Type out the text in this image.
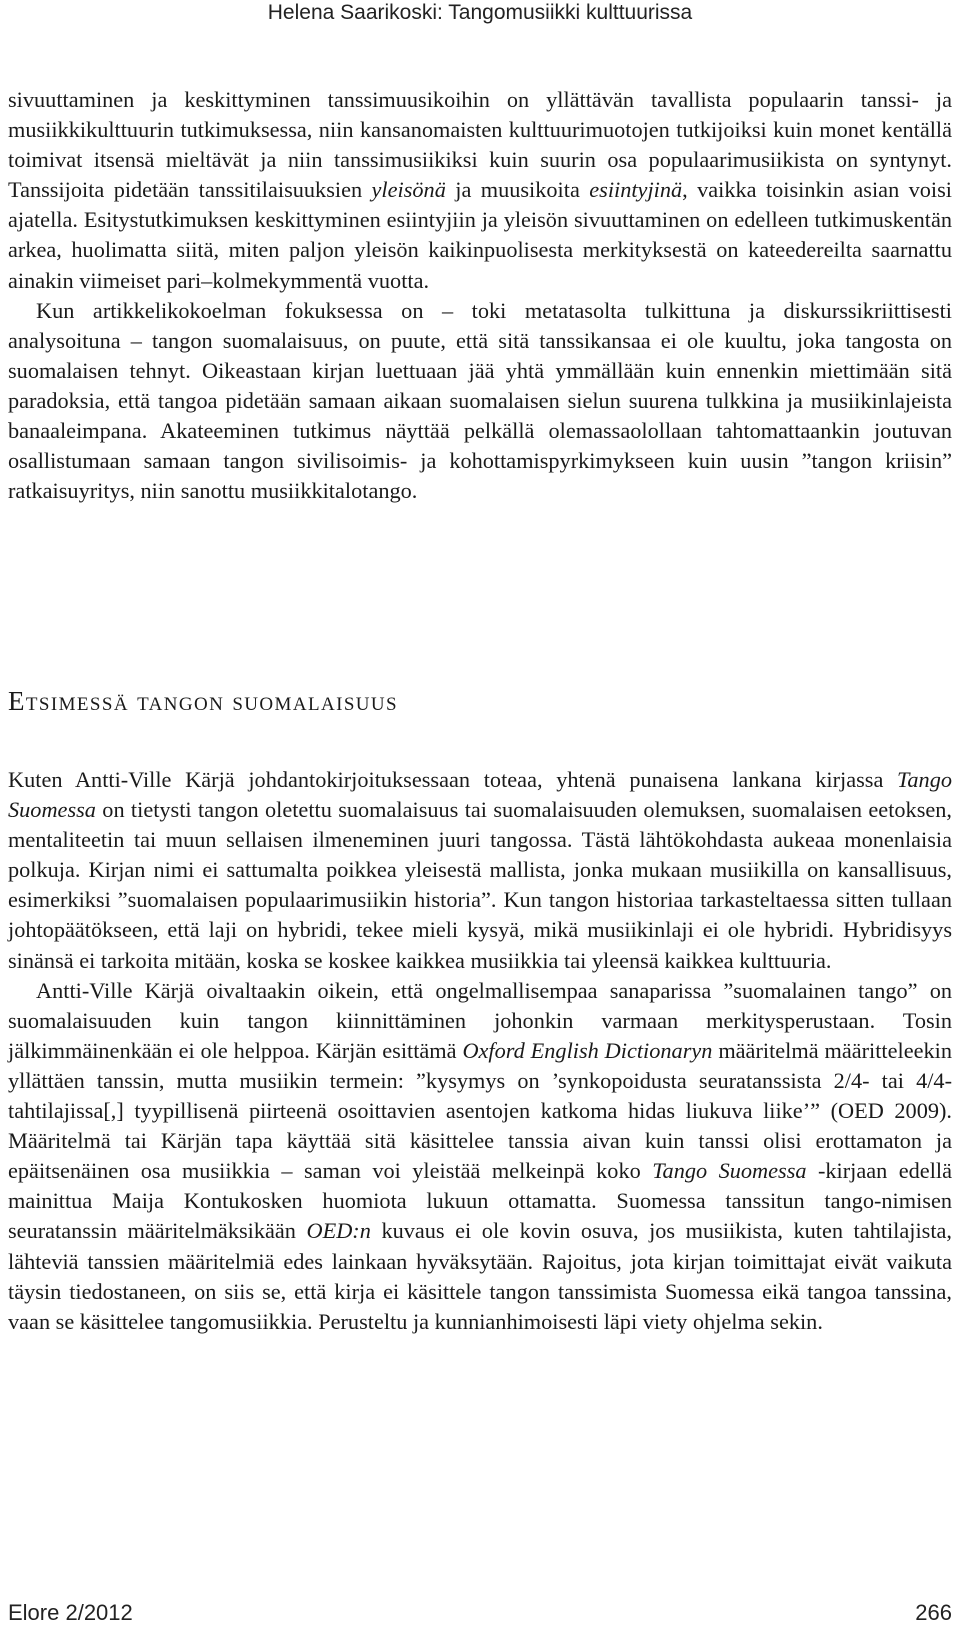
Helena Saarikoski: Tangomusiikki kulttuurissa

sivuuttaminen ja keskittyminen tanssimuusikoihin on yllättävän tavallista populaarin tanssi- ja musiikkikulttuurin tutkimuksessa, niin kansanomaisten kulttuurimuotojen tutkijoiksi kuin monet kentällä toimivat itsensä mieltävät ja niin tanssimusiikiksi kuin suurin osa populaarimusiikista on syntynyt. Tanssijoita pidetään tanssitilaisuuksien yleisönä ja muusikoita esiintyjinä, vaikka toisinkin asian voisi ajatella. Esitystutkimuksen keskittyminen esiintyjiin ja yleisön sivuuttaminen on edelleen tutkimuskentän arkea, huolimatta siitä, miten paljon yleisön kaikinpuolisesta merkityksestä on kateedereilta saarnattu ainakin viimeiset pari–kolmekymmentä vuotta.

Kun artikkelikokoelman fokuksessa on – toki metatasolta tulkittuna ja diskurssikriittisesti analysoituna – tangon suomalaisuus, on puute, että sitä tanssikansaa ei ole kuultu, joka tangosta on suomalaisen tehnyt. Oikeastaan kirjan luettuaan jää yhtä ymmällään kuin ennenkin miettimään sitä paradoksia, että tangoa pidetään samaan aikaan suomalaisen sielun suurena tulkkina ja musiikinlajeista banaaleimpana. Akateeminen tutkimus näyttää pelkällä olemassaolollaan tahtomattaankin joutuvan osallistumaan samaan tangon sivilisoimis- ja kohottamispyrkimykseen kuin uusin ”tangon kriisin” ratkaisuyritys, niin sanottu musiikkitalotango.

Etsimessä tangon suomalaisuus

Kuten Antti-Ville Kärjä johdantokirjoituksessaan toteaa, yhtenä punaisena lankana kirjassa Tango Suomessa on tietysti tangon oletettu suomalaisuus tai suomalaisuuden olemuksen, suomalaisen eetoksen, mentaliteetin tai muun sellaisen ilmeneminen juuri tangossa. Tästä lähtökohdasta aukeaa monenlaisia polkuja. Kirjan nimi ei sattumalta poikkea yleisestä mallista, jonka mukaan musiikilla on kansallisuus, esimerkiksi ”suomalaisen populaarimusiikin historia”. Kun tangon historiaa tarkasteltaessa sitten tullaan johtopäätökseen, että laji on hybridi, tekee mieli kysyä, mikä musiikinlaji ei ole hybridi. Hybridisyys sinänsä ei tarkoita mitään, koska se koskee kaikkea musiikkia tai yleensä kaikkea kulttuuria.

Antti-Ville Kärjä oivaltaakin oikein, että ongelmallisempaa sanaparissa ”suomalainen tango” on suomalaisuuden kuin tangon kiinnittäminen johonkin varmaan merkitysperustaan. Tosin jälkimmäinenkään ei ole helppoa. Kärjän esittämä Oxford English Dictionaryn määritelmä määritteleekin yllättäen tanssin, mutta musiikin termein: ”kysymys on ’synkopoidusta seuratanssista 2/4- tai 4/4-tahtilajissa[,] tyypillisenä piirteenä osoittavien asentojen katkoma hidas liukuva liike’” (OED 2009). Määritelmä tai Kärjän tapa käyttää sitä käsittelee tanssia aivan kuin tanssi olisi erottamaton ja epäitsenäinen osa musiikkia – saman voi yleistää melkeinpä koko Tango Suomessa -kirjaan edellä mainittua Maija Kontukosken huomiota lukuun ottamatta. Suomessa tanssitun tango-nimisen seuratanssin määritelmäksikään OED:n kuvaus ei ole kovin osuva, jos musiikista, kuten tahtilajista, lähteviä tanssien määritelmiä edes lainkaan hyväksytään. Rajoitus, jota kirjan toimittajat eivät vaikuta täysin tiedostaneen, on siis se, että kirja ei käsittele tangon tanssimista Suomessa eikä tangoa tanssina, vaan se käsittelee tangomusiikkia. Perusteltu ja kunnianhimoisesti läpi viety ohjelma sekin.

Elore 2/2012	266
